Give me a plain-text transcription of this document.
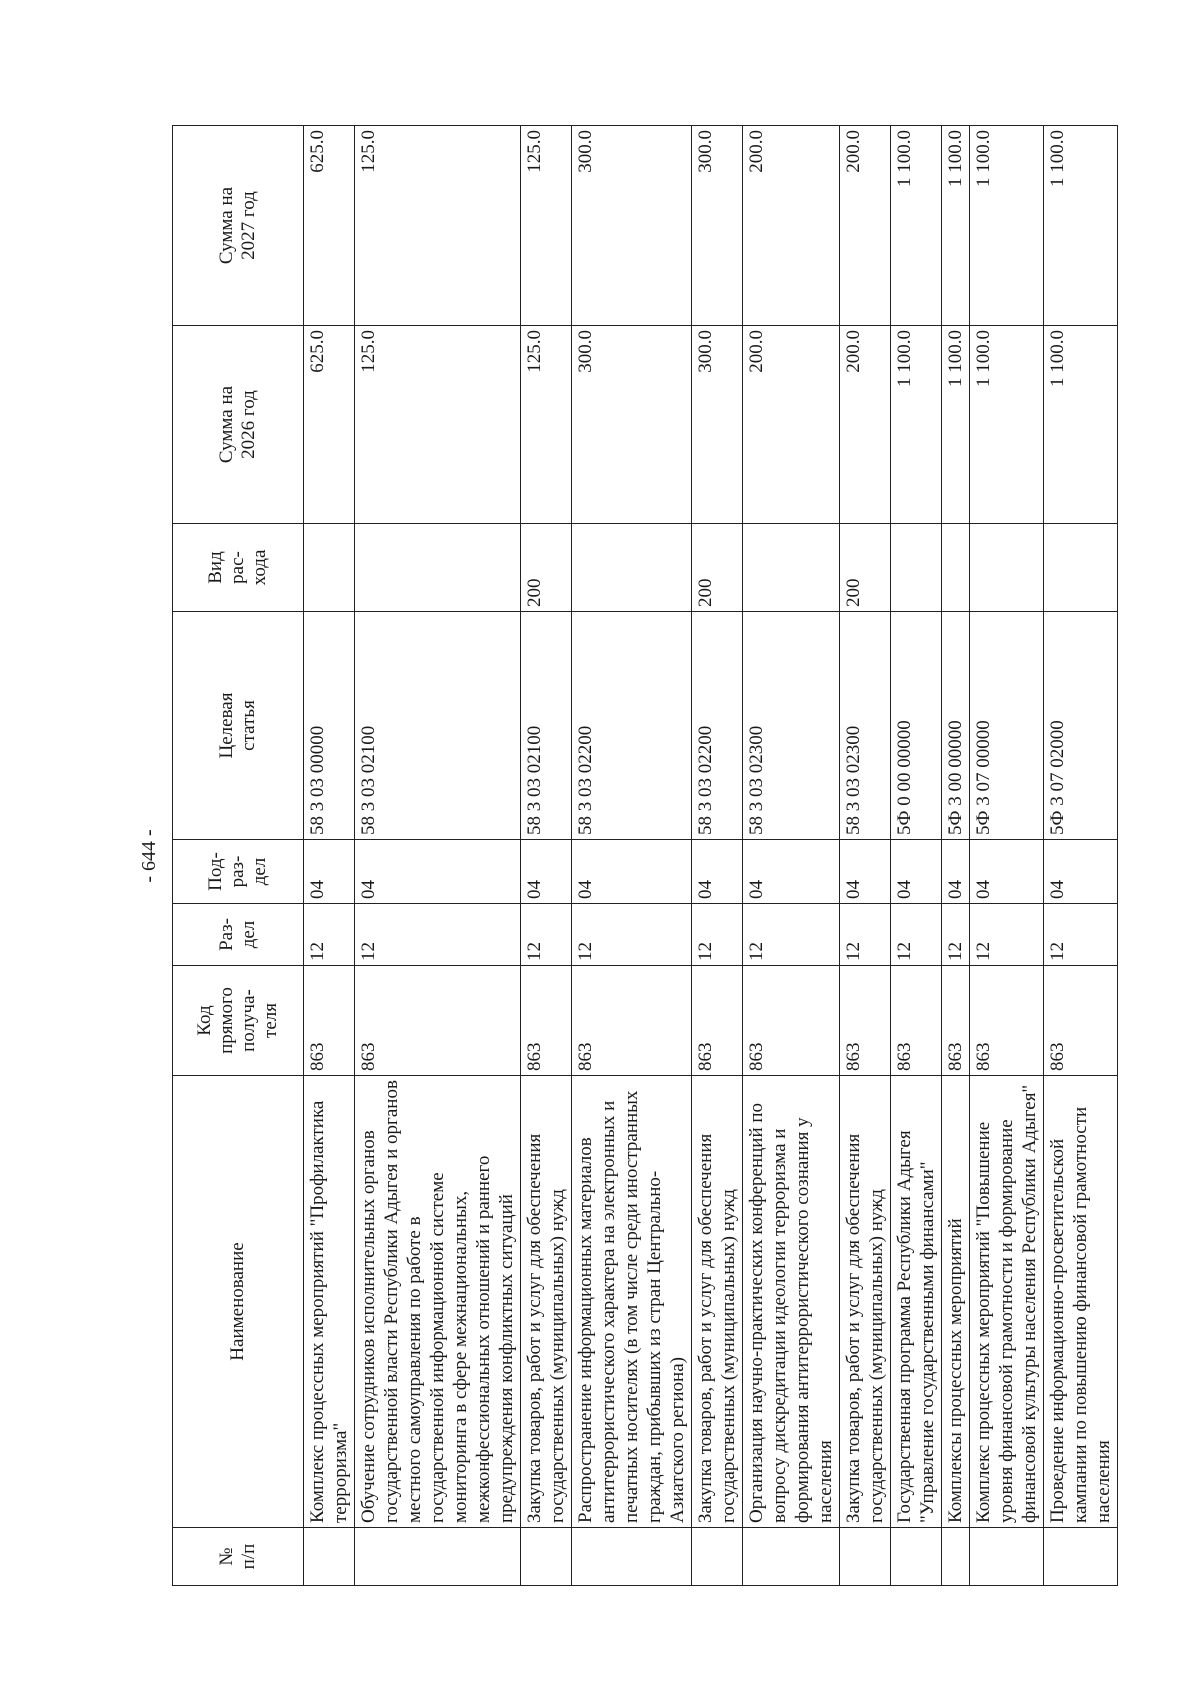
- 644 -
№ п/п	Наименование	Код прямого получа- теля	Раз- дел	Под- раз- дел	Целевая статья	Вид рас- хода	Сумма на 2026 год	Сумма на 2027 год

	Комплекс процессных мероприятий "Профилактика терроризма"	863	12	04	58 3 03 00000		625.0	625.0
	Обучение сотрудников исполнительных органов государственной власти Республики Адыгея и органов местного самоуправления по работе в государственной информационной системе мониторинга в сфере межнациональных, межконфессиональных отношений и раннего предупреждения конфликтных ситуаций	863	12	04	58 3 03 02100		125.0	125.0
	Закупка товаров, работ и услуг для обеспечения государственных (муниципальных) нужд	863	12	04	58 3 03 02100	200	125.0	125.0
	Распространение информационных материалов антитеррористического характера на электронных и печатных носителях (в том числе среди иностранных граждан, прибывших из стран Центрально-Азиатского региона)	863	12	04	58 3 03 02200		300.0	300.0
	Закупка товаров, работ и услуг для обеспечения государственных (муниципальных) нужд	863	12	04	58 3 03 02200	200	300.0	300.0
	Организация научно-практических конференций по вопросу дискредитации идеологии терроризма и формирования антитеррористического сознания у населения	863	12	04	58 3 03 02300		200.0	200.0
	Закупка товаров, работ и услуг для обеспечения государственных (муниципальных) нужд	863	12	04	58 3 03 02300	200	200.0	200.0
	Государственная программа Республики Адыгея "Управление государственными финансами"	863	12	04	5Ф 0 00 00000		1 100.0	1 100.0
	Комплексы процессных мероприятий	863	12	04	5Ф 3 00 00000		1 100.0	1 100.0
	Комплекс процессных мероприятий "Повышение уровня финансовой грамотности и формирование финансовой культуры населения Республики Адыгея"	863	12	04	5Ф 3 07 00000		1 100.0	1 100.0
	Проведение информационно-просветительской кампании по повышению финансовой грамотности населения	863	12	04	5Ф 3 07 02000		1 100.0	1 100.0
